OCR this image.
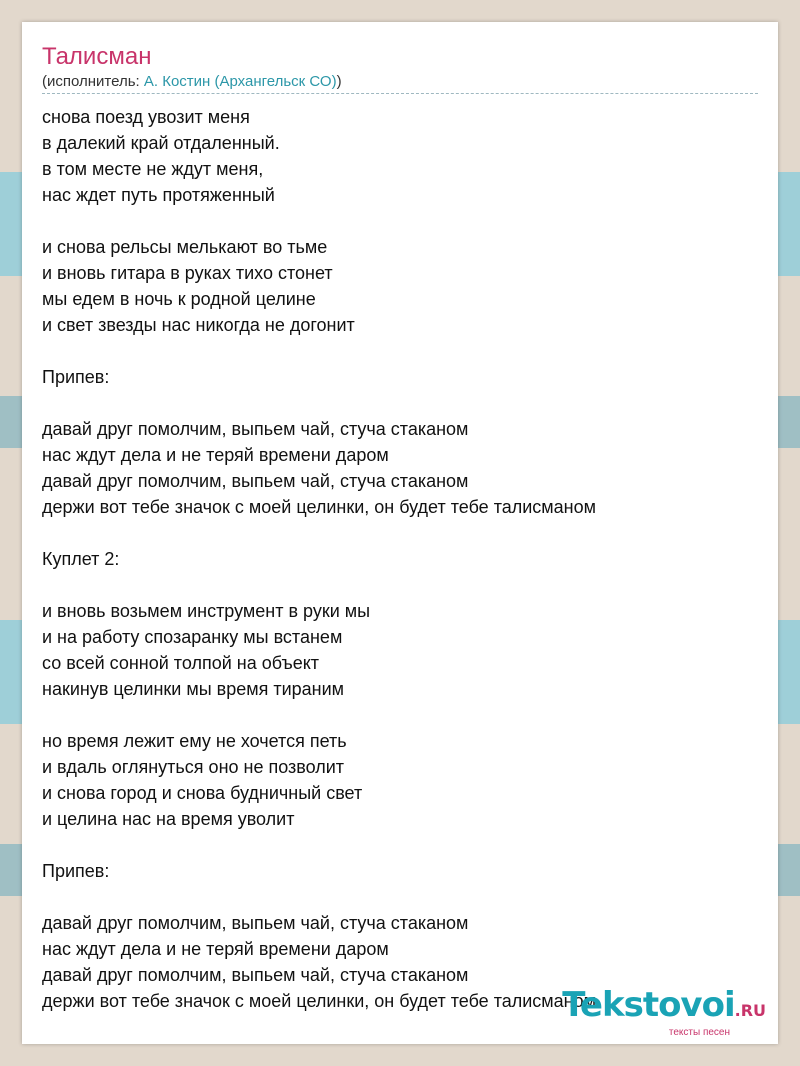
Талисман
(исполнитель: А. Костин (Архангельск СО))
снова поезд увозит меня
в далекий край отдаленный.
в том месте не ждут меня,
нас ждет путь протяженный
и снова рельсы мелькают во тьме
и вновь гитара в руках тихо стонет
мы едем в ночь к родной целине
и свет звезды нас никогда не догонит
Припев:
давай друг помолчим, выпьем чай, стуча стаканом
нас ждут дела и не теряй времени даром
давай друг помолчим, выпьем чай, стуча стаканом
держи вот тебе значок с моей целинки, он будет тебе талисманом
Куплет 2:
и вновь возьмем инструмент в руки мы
и на работу спозаранку мы встанем
со всей сонной толпой на объект
накинув целинки мы время тираним
но время лежит ему не хочется петь
и вдаль оглянуться оно не позволит
и снова город и снова будничный свет
и целина нас на время уволит
Припев:
давай друг помолчим, выпьем чай, стуча стаканом
нас ждут дела и не теряй времени даром
давай друг помолчим, выпьем чай, стуча стаканом
держи вот тебе значок с моей целинки, он будет тебе талисманом
Tekstovoi.RU
тексты песен
